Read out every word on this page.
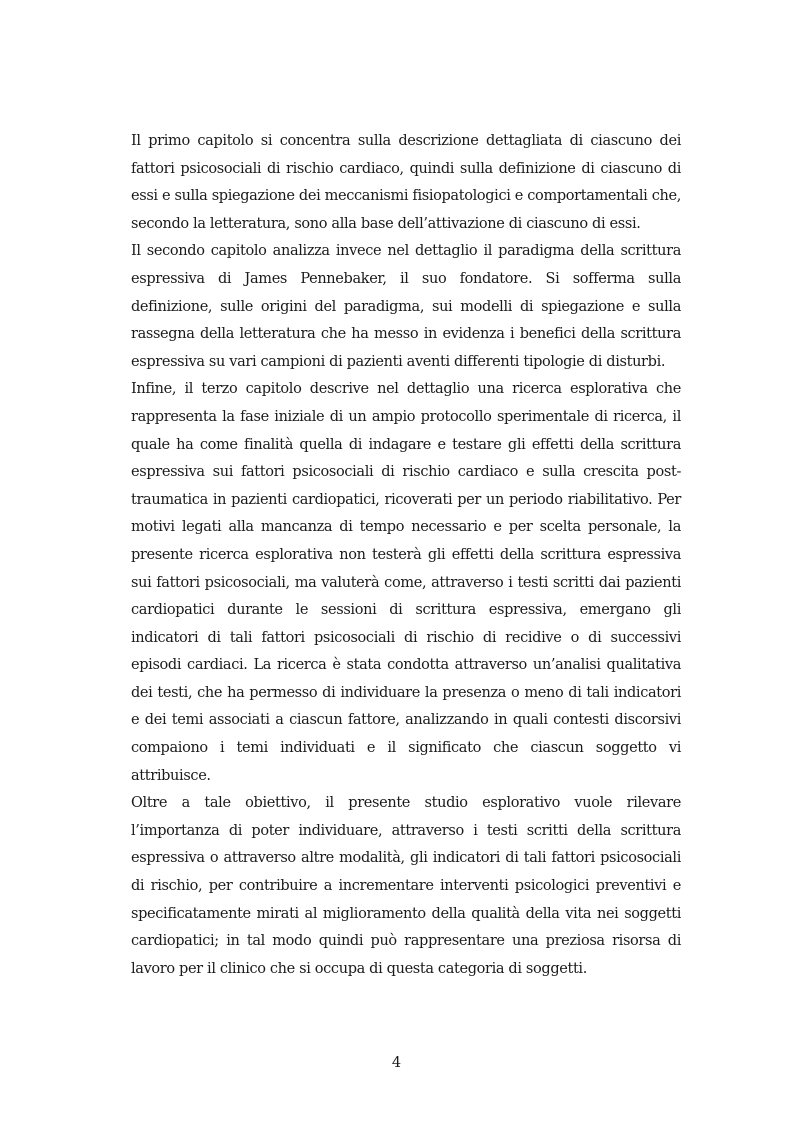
Il primo capitolo si concentra sulla descrizione dettagliata di ciascuno dei fattori psicosociali di rischio cardiaco, quindi sulla definizione di ciascuno di essi e sulla spiegazione dei meccanismi fisiopatologici e comportamentali che, secondo la letteratura, sono alla base dell’attivazione di ciascuno di essi.

Il secondo capitolo analizza invece nel dettaglio il paradigma della scrittura espressiva di James Pennebaker, il suo fondatore. Si sofferma sulla definizione, sulle origini del paradigma, sui modelli di spiegazione e sulla rassegna della letteratura che ha messo in evidenza i benefici della scrittura espressiva su vari campioni di pazienti aventi differenti tipologie di disturbi.

Infine, il terzo capitolo descrive nel dettaglio una ricerca esplorativa che rappresenta la fase iniziale di un ampio protocollo sperimentale di ricerca, il quale ha come finalità quella di indagare e testare gli effetti della scrittura espressiva sui fattori psicosociali di rischio cardiaco e sulla crescita post-traumatica in pazienti cardiopatici, ricoverati per un periodo riabilitativo. Per motivi legati alla mancanza di tempo necessario e per scelta personale, la presente ricerca esplorativa non testerà gli effetti della scrittura espressiva sui fattori psicosociali, ma valuterà come, attraverso i testi scritti dai pazienti cardiopatici durante le sessioni di scrittura espressiva, emergano gli indicatori di tali fattori psicosociali di rischio di recidive o di successivi episodi cardiaci. La ricerca è stata condotta attraverso un’analisi qualitativa dei testi, che ha permesso di individuare la presenza o meno di tali indicatori e dei temi associati a ciascun fattore, analizzando in quali contesti discorsivi compaiono i temi individuati e il significato che ciascun soggetto vi attribuisce.

Oltre a tale obiettivo, il presente studio esplorativo vuole rilevare l’importanza di poter individuare, attraverso i testi scritti della scrittura espressiva o attraverso altre modalità, gli indicatori di tali fattori psicosociali di rischio, per contribuire a incrementare interventi psicologici preventivi e specificatamente mirati al miglioramento della qualità della vita nei soggetti cardiopatici; in tal modo quindi può rappresentare una preziosa risorsa di lavoro per il clinico che si occupa di questa categoria di soggetti.

4
